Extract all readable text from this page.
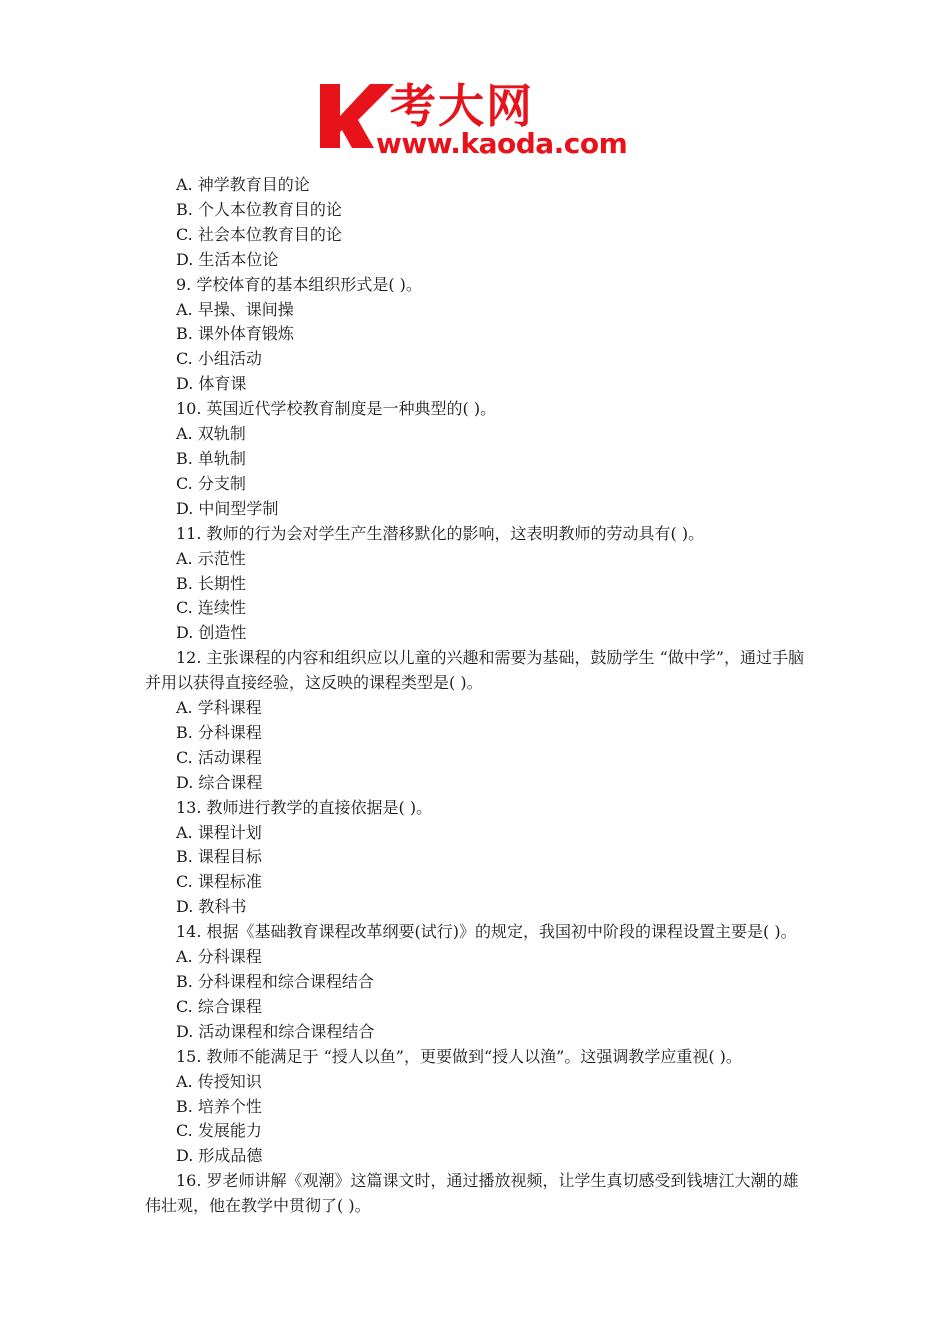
考大网
www.kaoda.com

A. 神学教育目的论

B. 个人本位教育目的论

C. 社会本位教育目的论

D. 生活本位论

9. 学校体育的基本组织形式是( )。

A. 早操、课间操

B. 课外体育锻炼

C. 小组活动

D. 体育课

10. 英国近代学校教育制度是一种典型的( )。

A. 双轨制

B. 单轨制

C. 分支制

D. 中间型学制

11. 教师的行为会对学生产生潜移默化的影响，这表明教师的劳动具有( )。

A. 示范性

B. 长期性

C. 连续性

D. 创造性

12. 主张课程的内容和组织应以儿童的兴趣和需要为基础，鼓励学生 “做中学”，通过手脑并用以获得直接经验，这反映的课程类型是( )。

A. 学科课程

B. 分科课程

C. 活动课程

D. 综合课程

13. 教师进行教学的直接依据是( )。

A. 课程计划

B. 课程目标

C. 课程标准

D. 教科书

14. 根据《基础教育课程改革纲要(试行)》的规定，我国初中阶段的课程设置主要是( )。

A. 分科课程

B. 分科课程和综合课程结合

C. 综合课程

D. 活动课程和综合课程结合

15. 教师不能满足于 “授人以鱼”，更要做到“授人以渔”。这强调教学应重视( )。

A. 传授知识

B. 培养个性

C. 发展能力

D. 形成品德

16. 罗老师讲解《观潮》这篇课文时，通过播放视频，让学生真切感受到钱塘江大潮的雄伟壮观，他在教学中贯彻了( )。
